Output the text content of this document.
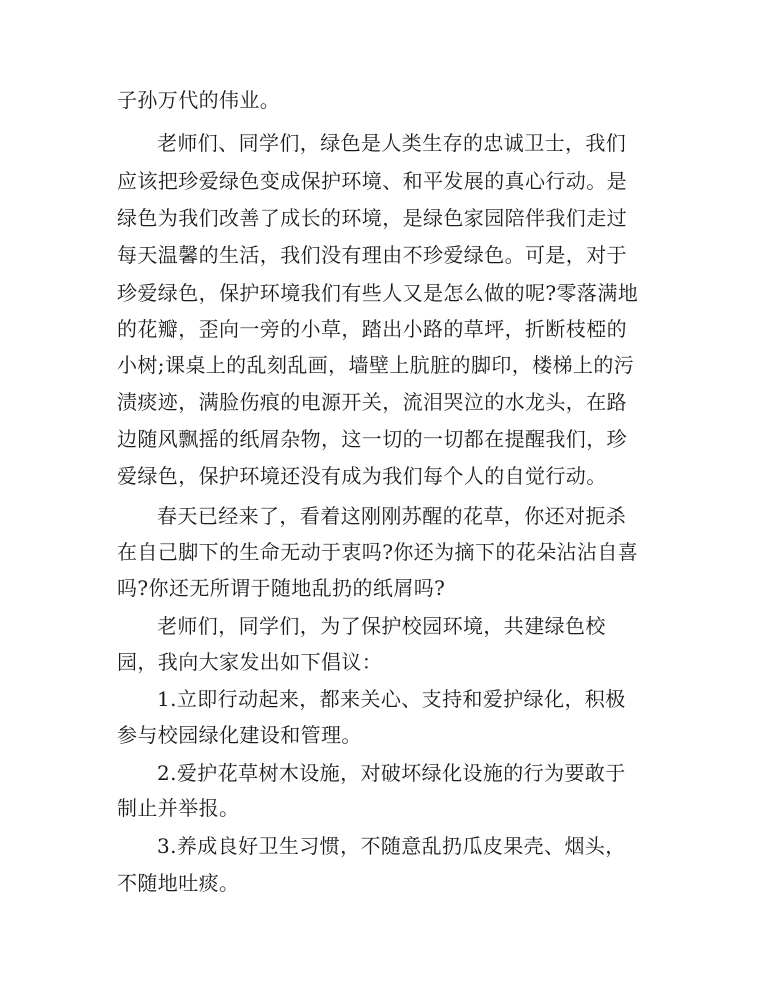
子孙万代的伟业。
老师们、同学们，绿色是人类生存的忠诚卫士，我们
应该把珍爱绿色变成保护环境、和平发展的真心行动。是
绿色为我们改善了成长的环境，是绿色家园陪伴我们走过
每天温馨的生活，我们没有理由不珍爱绿色。可是，对于
珍爱绿色，保护环境我们有些人又是怎么做的呢?零落满地
的花瓣，歪向一旁的小草，踏出小路的草坪，折断枝椏的
小树;课桌上的乱刻乱画，墙壁上肮脏的脚印，楼梯上的污
渍痰迹，满脸伤痕的电源开关，流泪哭泣的水龙头，在路
边随风飘摇的纸屑杂物，这一切的一切都在提醒我们，珍
爱绿色，保护环境还没有成为我们每个人的自觉行动。
春天已经来了，看着这刚刚苏醒的花草，你还对扼杀
在自己脚下的生命无动于衷吗?你还为摘下的花朵沾沾自喜
吗?你还无所谓于随地乱扔的纸屑吗?
老师们，同学们，为了保护校园环境，共建绿色校
园，我向大家发出如下倡议：
1.立即行动起来，都来关心、支持和爱护绿化，积极
参与校园绿化建设和管理。
2.爱护花草树木设施，对破坏绿化设施的行为要敢于
制止并举报。
3.养成良好卫生习惯，不随意乱扔瓜皮果壳、烟头，
不随地吐痰。
